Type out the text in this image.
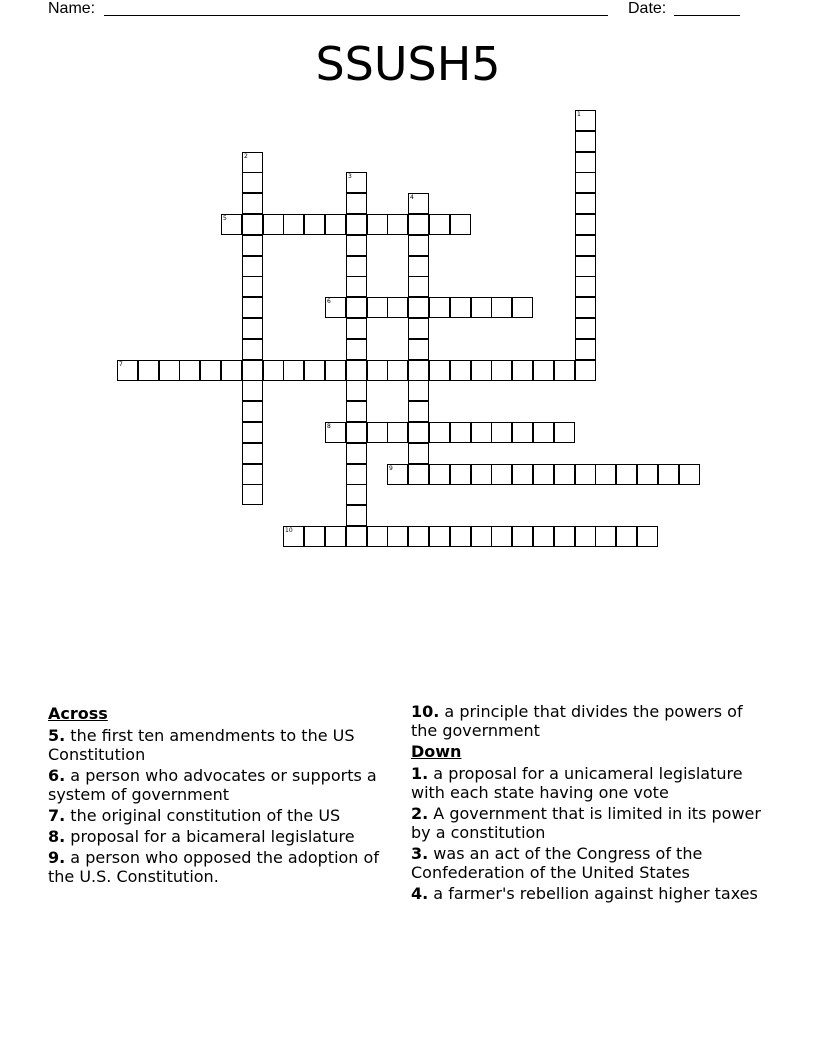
Name:	Date:
SSUSH5
1
2
3
4
5
6
7
8
9
10
Across
5. the first ten amendments to the US Constitution
6. a person who advocates or supports a system of government
7. the original constitution of the US
8. proposal for a bicameral legislature
9. a person who opposed the adoption of the U.S. Constitution.
10. a principle that divides the powers of the government
Down
1. a proposal for a unicameral legislature with each state having one vote
2. A government that is limited in its power by a constitution
3. was an act of the Congress of the Confederation of the United States
4. a farmer's rebellion against higher taxes
